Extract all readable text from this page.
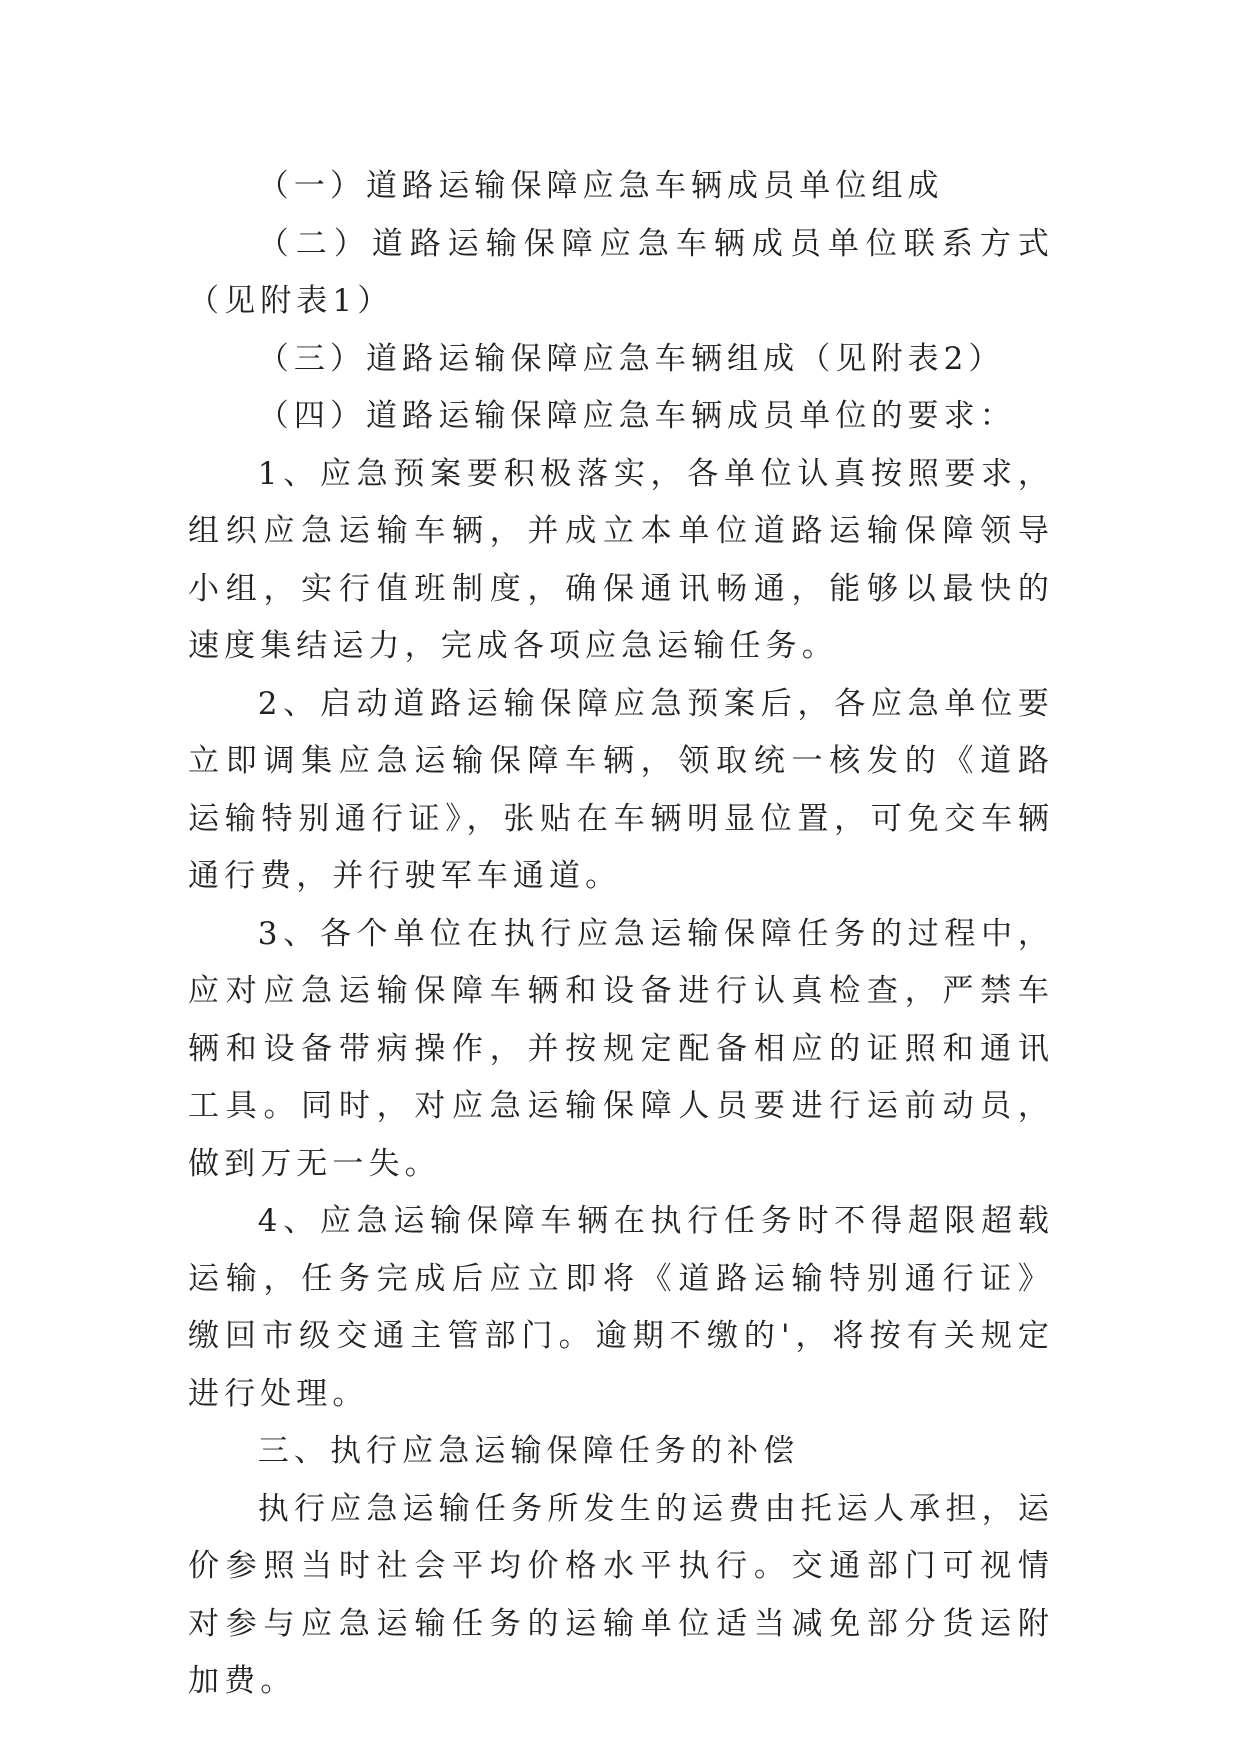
（一）道路运输保障应急车辆成员单位组成

（二）道路运输保障应急车辆成员单位联系方式（见附表1）

（三）道路运输保障应急车辆组成（见附表2）

（四）道路运输保障应急车辆成员单位的要求：

1、应急预案要积极落实，各单位认真按照要求，组织应急运输车辆，并成立本单位道路运输保障领导小组，实行值班制度，确保通讯畅通，能够以最快的速度集结运力，完成各项应急运输任务。

2、启动道路运输保障应急预案后，各应急单位要立即调集应急运输保障车辆，领取统一核发的《道路运输特别通行证》，张贴在车辆明显位置，可免交车辆通行费，并行驶军车通道。

3、各个单位在执行应急运输保障任务的过程中，应对应急运输保障车辆和设备进行认真检查，严禁车辆和设备带病操作，并按规定配备相应的证照和通讯工具。同时，对应急运输保障人员要进行运前动员，做到万无一失。

4、应急运输保障车辆在执行任务时不得超限超载运输，任务完成后应立即将《道路运输特别通行证》缴回市级交通主管部门。逾期不缴的'，将按有关规定进行处理。

三、执行应急运输保障任务的补偿

执行应急运输任务所发生的运费由托运人承担，运价参照当时社会平均价格水平执行。交通部门可视情对参与应急运输任务的运输单位适当减免部分货运附加费。
